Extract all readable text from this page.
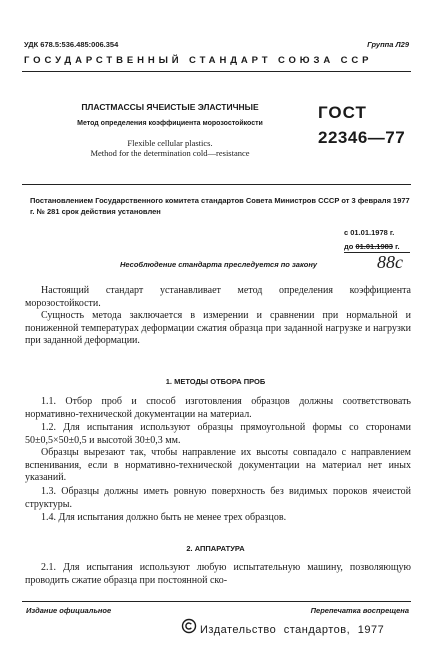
УДК 678.5:536.485:006.354	Группа Л29
ГОСУДАРСТВЕННЫЙ СТАНДАРТ СОЮЗА ССР
ПЛАСТМАССЫ ЯЧЕИСТЫЕ ЭЛАСТИЧНЫЕ
Метод определения коэффициента морозостойкости
Flexible cellular plastics.
Method for the determination cold—resistance
ГОСТ
22346—77
Постановлением Государственного комитета стандартов Совета Министров СССР от 3 февраля 1977 г. № 281 срок действия установлен
с 01.01.1978 г.
до 01.01.1983 г.
Несоблюдение стандарта преследуется по закону	88c

Настоящий стандарт устанавливает метод определения коэффициента морозостойкости.

Сущность метода заключается в измерении и сравнении при нормальной и пониженной температурах деформации сжатия образца при заданной нагрузке и нагрузки при заданной деформации.

1. МЕТОДЫ ОТБОРА ПРОБ

1.1. Отбор проб и способ изготовления образцов должны соответствовать нормативно-технической документации на материал.

1.2. Для испытания используют образцы прямоугольной формы со сторонами 50±0,5×50±0,5 и высотой 30±0,3 мм.

Образцы вырезают так, чтобы направление их высоты совпадало с направлением вспенивания, если в нормативно-технической документации на материал нет иных указаний.

1.3. Образцы должны иметь ровную поверхность без видимых пороков ячеистой структуры.

1.4. Для испытания должно быть не менее трех образцов.

2. АППАРАТУРА

2.1. Для испытания используют любую испытательную машину, позволяющую проводить сжатие образца при постоянной ско-

Издание официальное	Перепечатка воспрещена
Издательство стандартов, 1977
